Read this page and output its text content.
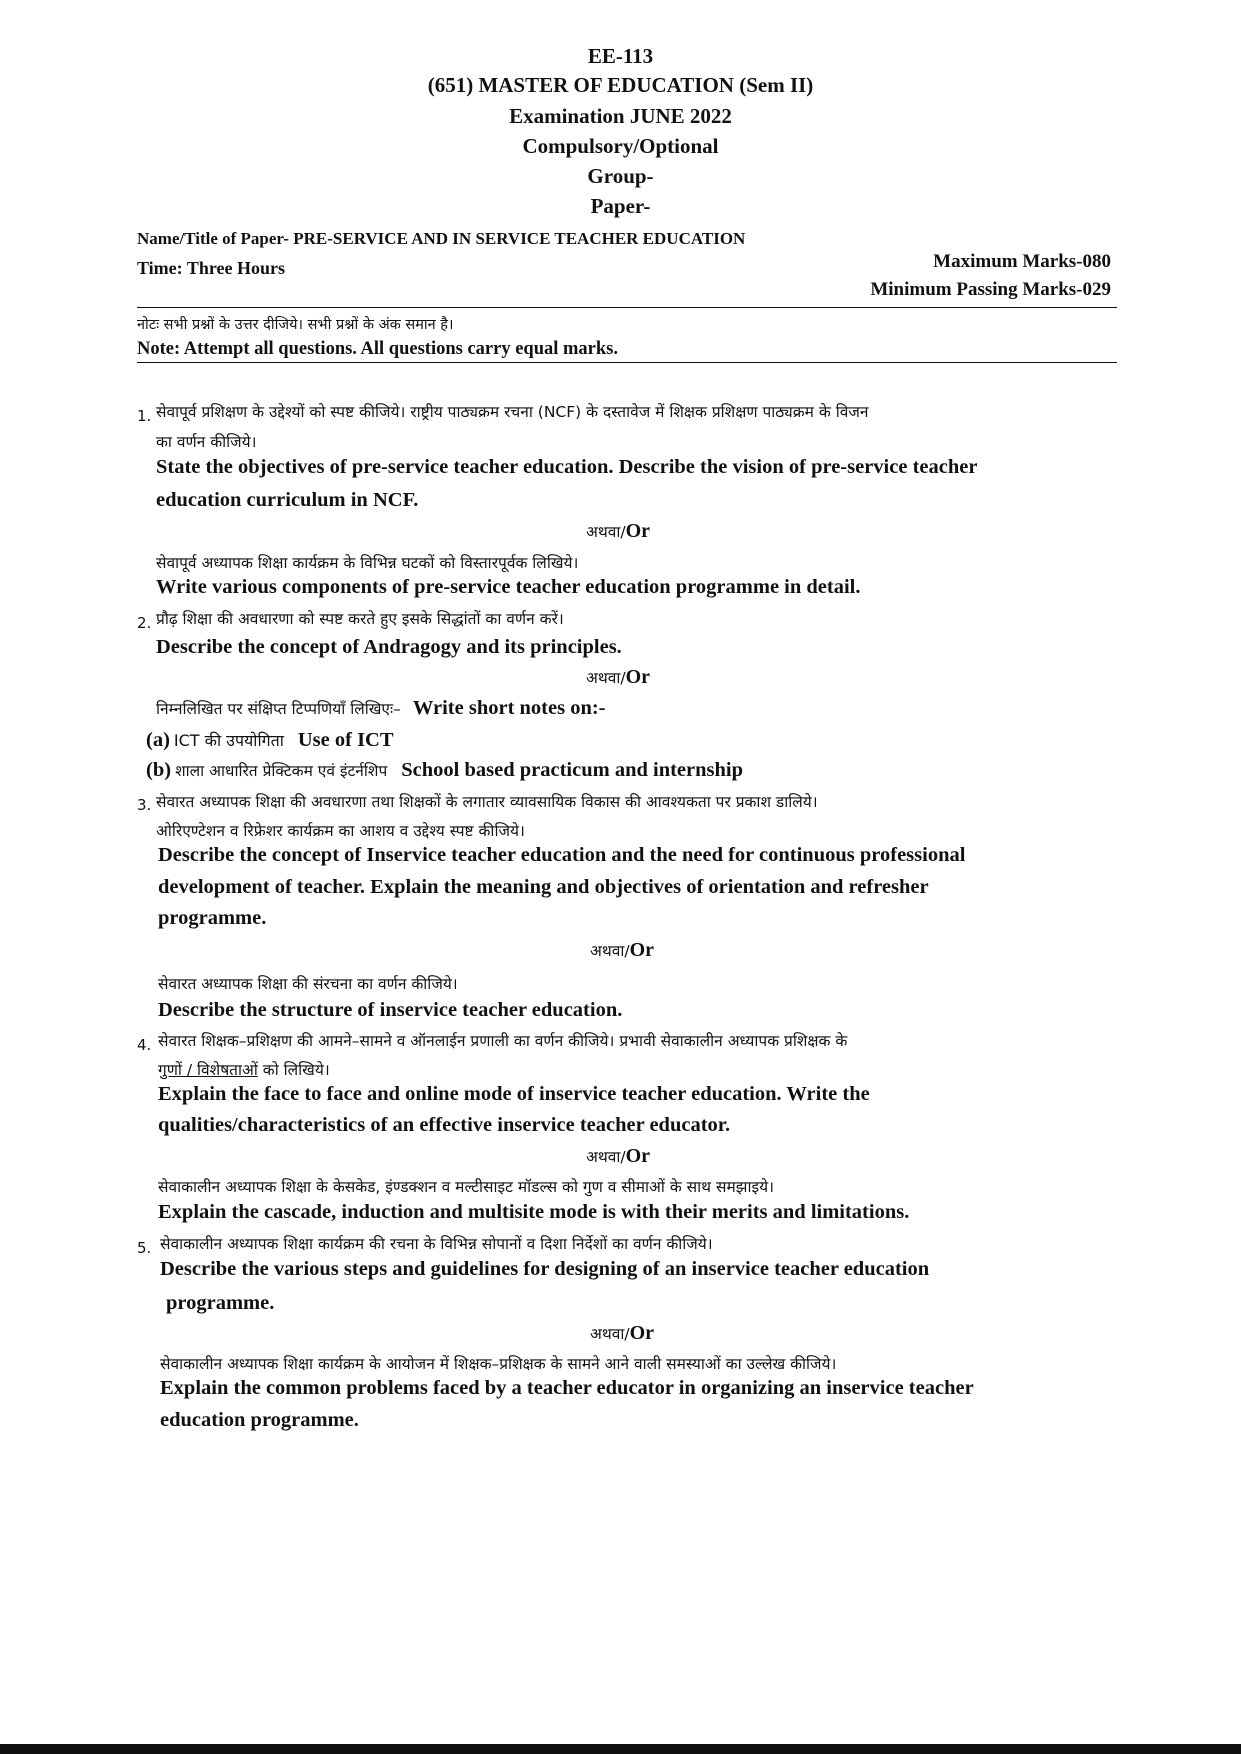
EE-113
(651) MASTER OF EDUCATION (Sem II)
Examination JUNE 2022
Compulsory/Optional
Group-
Paper-
Name/Title of Paper- PRE-SERVICE AND IN SERVICE TEACHER EDUCATION
Time: Three Hours	Maximum Marks-080
Minimum Passing Marks-029
नोटः सभी प्रश्नों के उत्तर दीजिये। सभी प्रश्नों के अंक समान है।
Note: Attempt all questions. All questions carry equal marks.
1. सेवापूर्व प्रशिक्षण के उद्देश्यों को स्पष्ट कीजिये। राष्ट्रीय पाठ्यक्रम रचना (NCF) के दस्तावेज में शिक्षक प्रशिक्षण पाठ्यक्रम के विजन
का वर्णन कीजिये।
State the objectives of pre-service teacher education. Describe the vision of pre-service teacher
education curriculum in NCF.
अथवा/Or
सेवापूर्व अध्यापक शिक्षा कार्यक्रम के विभिन्न घटकों को विस्तारपूर्वक लिखिये।
Write various components of pre-service teacher education programme in detail.
2. प्रौढ़ शिक्षा की अवधारणा को स्पष्ट करते हुए इसके सिद्धांतों का वर्णन करें।
Describe the concept of Andragogy and its principles.
अथवा/Or
निम्नलिखित पर संक्षिप्त टिप्पणियाँ लिखिएः– Write short notes on:-
(a) ICT की उपयोगिता Use of ICT
(b) शाला आधारित प्रेक्टिकम एवं इंटर्नशिप School based practicum and internship
3. सेवारत अध्यापक शिक्षा की अवधारणा तथा शिक्षकों के लगातार व्यावसायिक विकास की आवश्यकता पर प्रकाश डालिये।
ओरिएण्टेशन व रिफ्रेशर कार्यक्रम का आशय व उद्देश्य स्पष्ट कीजिये।
Describe the concept of Inservice teacher education and the need for continuous professional
development of teacher. Explain the meaning and objectives of orientation and refresher
programme.
अथवा/Or
सेवारत अध्यापक शिक्षा की संरचना का वर्णन कीजिये।
Describe the structure of inservice teacher education.
4. सेवारत शिक्षक–प्रशिक्षण की आमने–सामने व ऑनलाईन प्रणाली का वर्णन कीजिये। प्रभावी सेवाकालीन अध्यापक प्रशिक्षक के
गुणों / विशेषताओं को लिखिये।
Explain the face to face and online mode of inservice teacher education. Write the
qualities/characteristics of an effective inservice teacher educator.
अथवा/Or
सेवाकालीन अध्यापक शिक्षा के केसकेड, इंण्डक्शन व मल्टीसाइट मॉडल्स को गुण व सीमाओं के साथ समझाइये।
Explain the cascade, induction and multisite mode is with their merits and limitations.
5. सेवाकालीन अध्यापक शिक्षा कार्यक्रम की रचना के विभिन्न सोपानों व दिशा निर्देशों का वर्णन कीजिये।
Describe the various steps and guidelines for designing of an inservice teacher education
programme.
अथवा/Or
सेवाकालीन अध्यापक शिक्षा कार्यक्रम के आयोजन में शिक्षक–प्रशिक्षक के सामने आने वाली समस्याओं का उल्लेख कीजिये।
Explain the common problems faced by a teacher educator in organizing an inservice teacher
education programme.
